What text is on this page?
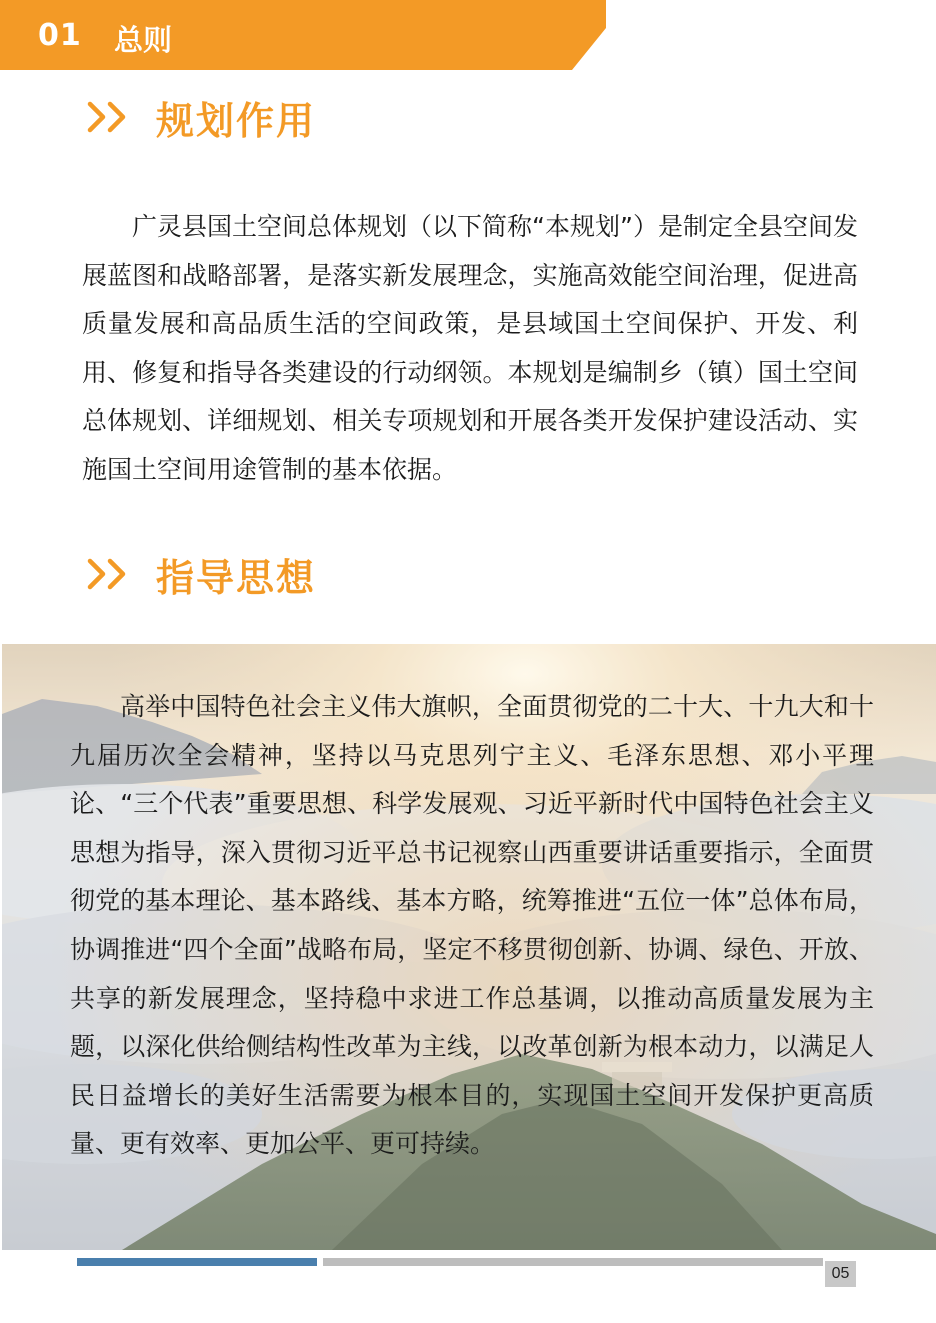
01 总则
规划作用

广灵县国土空间总体规划（以下简称“本规划”）是制定全县空间发展蓝图和战略部署，是落实新发展理念，实施高效能空间治理，促进高质量发展和高品质生活的空间政策，是县域国土空间保护、开发、利用、修复和指导各类建设的行动纲领。本规划是编制乡（镇）国土空间总体规划、详细规划、相关专项规划和开展各类开发保护建设活动、实施国土空间用途管制的基本依据。

指导思想

高举中国特色社会主义伟大旗帜，全面贯彻党的二十大、十九大和十九届历次全会精神，坚持以马克思列宁主义、毛泽东思想、邓小平理论、“三个代表”重要思想、科学发展观、习近平新时代中国特色社会主义思想为指导，深入贯彻习近平总书记视察山西重要讲话重要指示，全面贯彻党的基本理论、基本路线、基本方略，统筹推进“五位一体”总体布局，协调推进“四个全面”战略布局，坚定不移贯彻创新、协调、绿色、开放、共享的新发展理念，坚持稳中求进工作总基调，以推动高质量发展为主题，以深化供给侧结构性改革为主线，以改革创新为根本动力，以满足人民日益增长的美好生活需要为根本目的，实现国土空间开发保护更高质量、更有效率、更加公平、更可持续。

05
